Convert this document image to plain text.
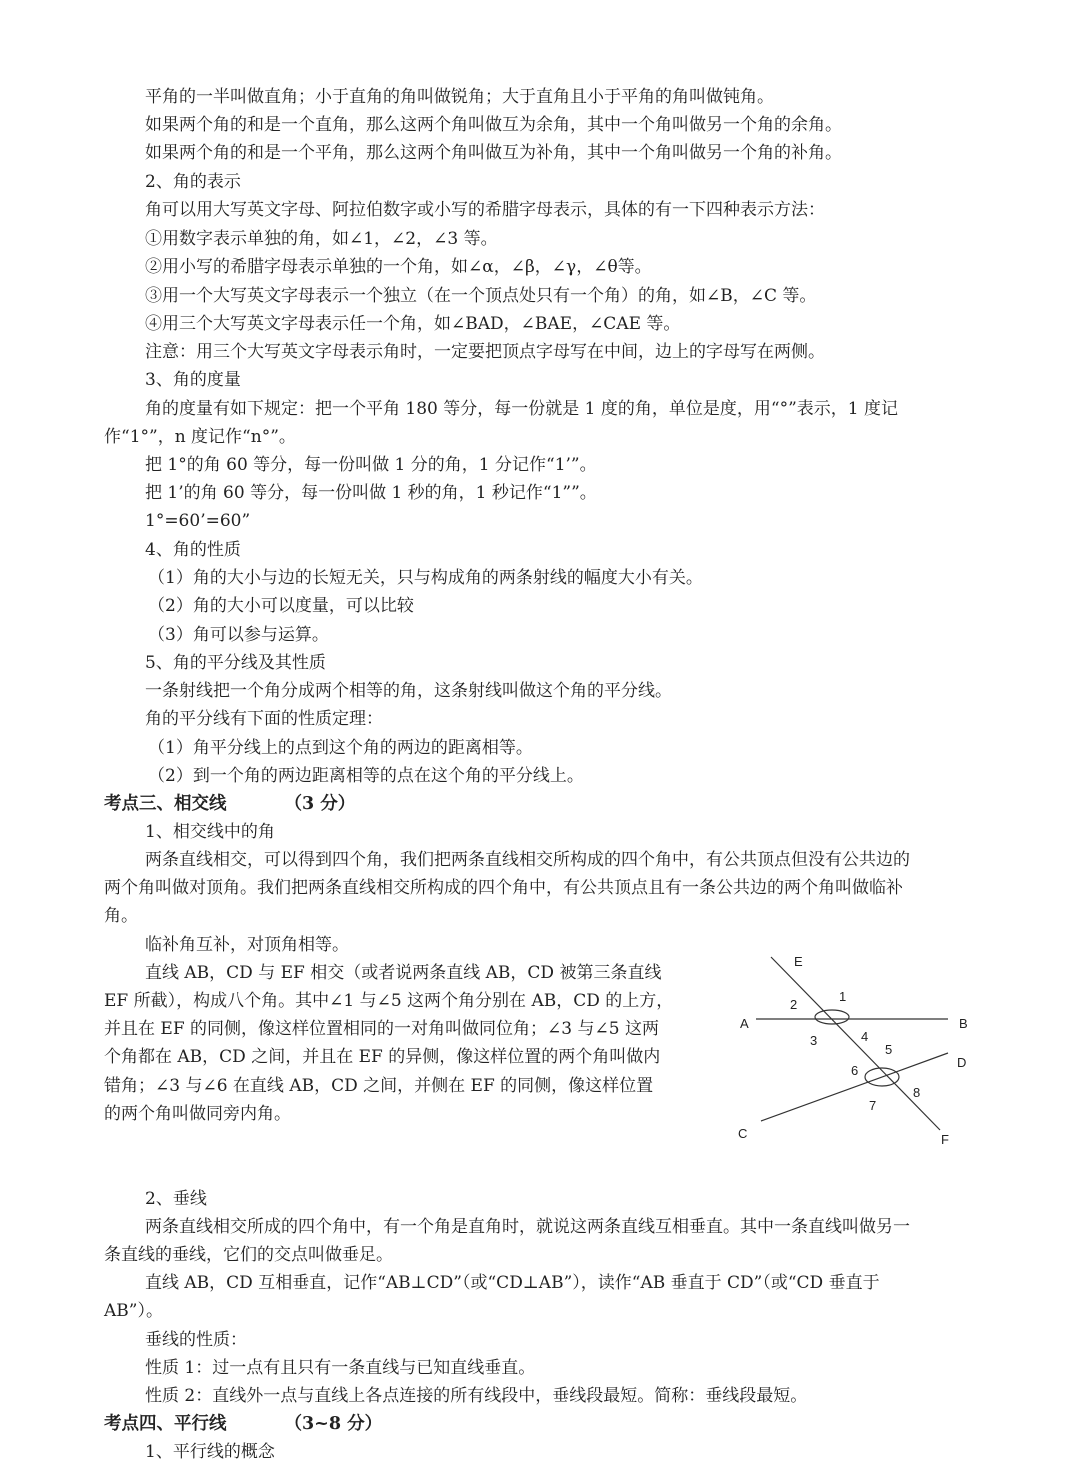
平角的一半叫做直角；小于直角的角叫做锐角；大于直角且小于平角的角叫做钝角。
如果两个角的和是一个直角，那么这两个角叫做互为余角，其中一个角叫做另一个角的余角。
如果两个角的和是一个平角，那么这两个角叫做互为补角，其中一个角叫做另一个角的补角。
2、角的表示
角可以用大写英文字母、阿拉伯数字或小写的希腊字母表示，具体的有一下四种表示方法：
①用数字表示单独的角，如∠1，∠2，∠3 等。
②用小写的希腊字母表示单独的一个角，如∠α，∠β，∠γ，∠θ等。
③用一个大写英文字母表示一个独立（在一个顶点处只有一个角）的角，如∠B，∠C 等。
④用三个大写英文字母表示任一个角，如∠BAD，∠BAE，∠CAE 等。
注意：用三个大写英文字母表示角时，一定要把顶点字母写在中间，边上的字母写在两侧。
3、角的度量
角的度量有如下规定：把一个平角 180 等分，每一份就是 1 度的角，单位是度，用“°”表示，1 度记
作“1°”，n 度记作“n°”。
把 1°的角 60 等分，每一份叫做 1 分的角，1 分记作“1’”。
把 1’的角 60 等分，每一份叫做 1 秒的角，1 秒记作“1””。
1°=60’=60”
4、角的性质
（1）角的大小与边的长短无关，只与构成角的两条射线的幅度大小有关。
（2）角的大小可以度量，可以比较
（3）角可以参与运算。
5、角的平分线及其性质
一条射线把一个角分成两个相等的角，这条射线叫做这个角的平分线。
角的平分线有下面的性质定理：
（1）角平分线上的点到这个角的两边的距离相等。
（2）到一个角的两边距离相等的点在这个角的平分线上。
考点三、相交线	（3 分）
1、相交线中的角
两条直线相交，可以得到四个角，我们把两条直线相交所构成的四个角中，有公共顶点但没有公共边的
两个角叫做对顶角。我们把两条直线相交所构成的四个角中，有公共顶点且有一条公共边的两个角叫做临补
角。
临补角互补，对顶角相等。
直线 AB，CD 与 EF 相交（或者说两条直线 AB，CD 被第三条直线
EF 所截），构成八个角。其中∠1 与∠5 这两个角分别在 AB，CD 的上方，
并且在 EF 的同侧，像这样位置相同的一对角叫做同位角；∠3 与∠5 这两
个角都在 AB，CD 之间，并且在 EF 的异侧，像这样位置的两个角叫做内
错角；∠3 与∠6 在直线 AB，CD 之间，并侧在 EF 的同侧，像这样位置
的两个角叫做同旁内角。
E
F
A	B
C
D
1
2
3	4
5
6
7
8
2、垂线
两条直线相交所成的四个角中，有一个角是直角时，就说这两条直线互相垂直。其中一条直线叫做另一
条直线的垂线，它们的交点叫做垂足。
直线 AB，CD 互相垂直，记作“AB⊥CD”（或“CD⊥AB”），读作“AB 垂直于 CD”（或“CD 垂直于
AB”）。
垂线的性质：
性质 1：过一点有且只有一条直线与已知直线垂直。
性质 2：直线外一点与直线上各点连接的所有线段中，垂线段最短。简称：垂线段最短。
考点四、平行线	（3~8 分）
1、平行线的概念
